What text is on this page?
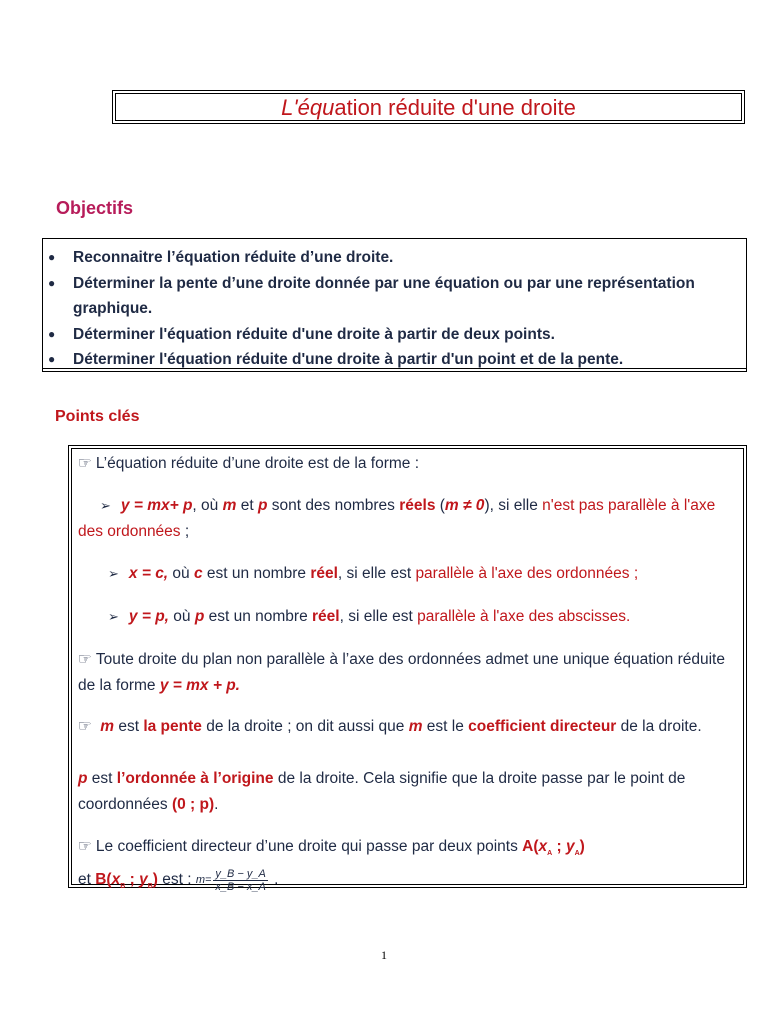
L'équation réduite d'une droite
Objectifs
● Reconnaitre l’équation réduite d’une droite.
● Déterminer la pente d’une droite donnée par une équation ou par une représentation graphique.
● Déterminer l'équation réduite d'une droite à partir de deux points.
● Déterminer l'équation réduite d'une droite à partir d'un point et de la pente.
Points clés
☞ L’équation réduite d’une droite est de la forme :
➢ y = mx+ p, où m et p sont des nombres réels (m ≠ 0), si elle n'est pas parallèle à l'axe des ordonnées ;
➢ x = c, où c est un nombre réel, si elle est parallèle à l'axe des ordonnées ;
➢ y = p, où p est un nombre réel, si elle est parallèle à l'axe des abscisses.
☞ Toute droite du plan non parallèle à l’axe des ordonnées admet une unique équation réduite de la forme y = mx + p.
☞ m est la pente de la droite ; on dit aussi que m est le coefficient directeur de la droite.
p est l’ordonnée à l’origine de la droite. Cela signifie que la droite passe par le point de coordonnées (0 ; p).
☞ Le coefficient directeur d’une droite qui passe par deux points $A(x_A$ ; $y_A$)
et $B(x_B$ ; $y_B$) est : $m= \frac{y\_B - y\_A}{x\_B - x\_A}$ .
1
